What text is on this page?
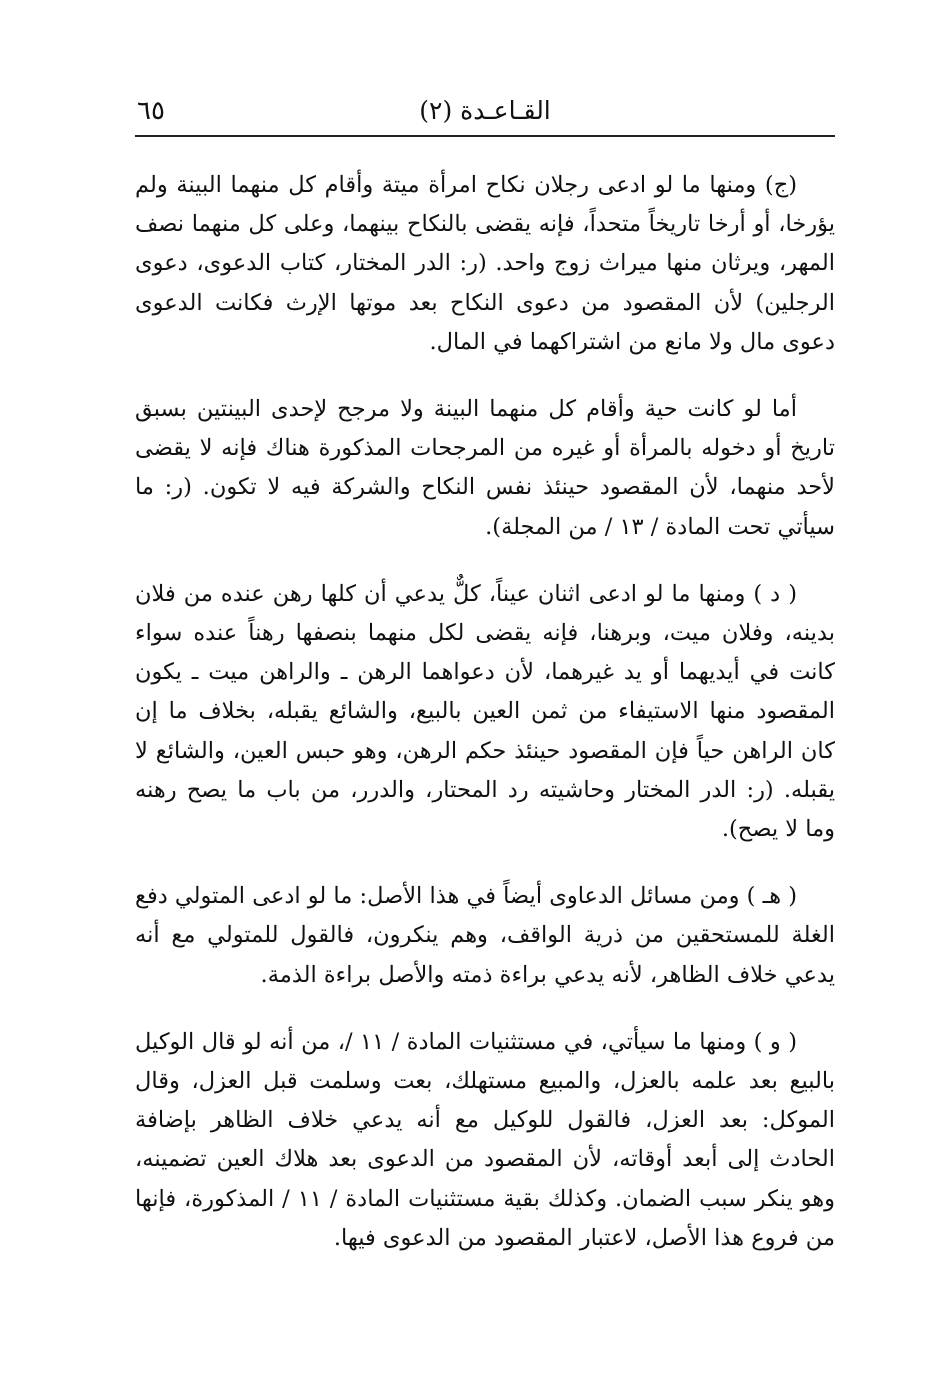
٦٥	القـاعـدة (٢)

(ج) ومنها ما لو ادعى رجلان نكاح امرأة ميتة وأقام كل منهما البينة ولم يؤرخا، أو أرخا تاريخاً متحداً، فإنه يقضى بالنكاح بينهما، وعلى كل منهما نصف المهر، ويرثان منها ميراث زوج واحد. (ر: الدر المختار، كتاب الدعوى، دعوى الرجلين) لأن المقصود من دعوى النكاح بعد موتها الإرث فكانت الدعوى دعوى مال ولا مانع من اشتراكهما في المال.

أما لو كانت حية وأقام كل منهما البينة ولا مرجح لإحدى البينتين بسبق تاريخ أو دخوله بالمرأة أو غيره من المرجحات المذكورة هناك فإنه لا يقضى لأحد منهما، لأن المقصود حينئذ نفس النكاح والشركة فيه لا تكون. (ر: ما سيأتي تحت المادة / ١٣ / من المجلة).

( د ) ومنها ما لو ادعى اثنان عيناً، كلٌّ يدعي أن كلها رهن عنده من فلان بدينه، وفلان ميت، وبرهنا، فإنه يقضى لكل منهما بنصفها رهناً عنده سواء كانت في أيديهما أو يد غيرهما، لأن دعواهما الرهن ـ والراهن ميت ـ يكون المقصود منها الاستيفاء من ثمن العين بالبيع، والشائع يقبله، بخلاف ما إن كان الراهن حياً فإن المقصود حينئذ حكم الرهن، وهو حبس العين، والشائع لا يقبله. (ر: الدر المختار وحاشيته رد المحتار، والدرر، من باب ما يصح رهنه وما لا يصح).

( هـ ) ومن مسائل الدعاوى أيضاً في هذا الأصل: ما لو ادعى المتولي دفع الغلة للمستحقين من ذرية الواقف، وهم ينكرون، فالقول للمتولي مع أنه يدعي خلاف الظاهر، لأنه يدعي براءة ذمته والأصل براءة الذمة.

( و ) ومنها ما سيأتي، في مستثنيات المادة / ١١ /، من أنه لو قال الوكيل بالبيع بعد علمه بالعزل، والمبيع مستهلك، بعت وسلمت قبل العزل، وقال الموكل: بعد العزل، فالقول للوكيل مع أنه يدعي خلاف الظاهر بإضافة الحادث إلى أبعد أوقاته، لأن المقصود من الدعوى بعد هلاك العين تضمينه، وهو ينكر سبب الضمان. وكذلك بقية مستثنيات المادة / ١١ / المذكورة، فإنها من فروع هذا الأصل، لاعتبار المقصود من الدعوى فيها.
